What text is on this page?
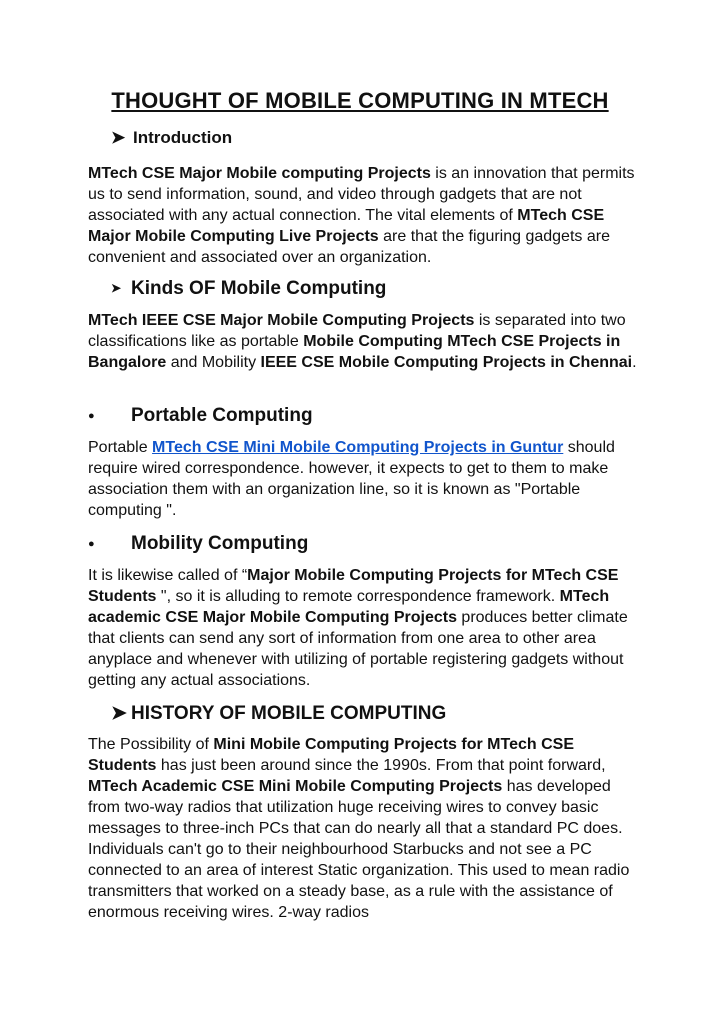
THOUGHT OF MOBILE COMPUTING IN MTECH
➤ Introduction

MTech CSE Major Mobile computing Projects is an innovation that permits us to send information, sound, and video through gadgets that are not associated with any actual connection. The vital elements of MTech CSE Major Mobile Computing Live Projects are that the figuring gadgets are convenient and associated over an organization.

➤ Kinds OF Mobile Computing

MTech IEEE CSE Major Mobile Computing Projects is separated into two classifications like as portable Mobile Computing MTech CSE Projects in Bangalore and Mobility IEEE CSE Mobile Computing Projects in Chennai.

● Portable Computing

Portable MTech CSE Mini Mobile Computing Projects in Guntur should require wired correspondence. however, it expects to get to them to make association them with an organization line, so it is known as "Portable computing ".

● Mobility Computing

It is likewise called of “Major Mobile Computing Projects for MTech CSE Students ", so it is alluding to remote correspondence framework. MTech academic CSE Major Mobile Computing Projects produces better climate that clients can send any sort of information from one area to other area anyplace and whenever with utilizing of portable registering gadgets without getting any actual associations.

➤ HISTORY OF MOBILE COMPUTING

The Possibility of Mini Mobile Computing Projects for MTech CSE Students has just been around since the 1990s. From that point forward, MTech Academic CSE Mini Mobile Computing Projects has developed from two-way radios that utilization huge receiving wires to convey basic messages to three-inch PCs that can do nearly all that a standard PC does. Individuals can't go to their neighbourhood Starbucks and not see a PC connected to an area of interest Static organization. This used to mean radio transmitters that worked on a steady base, as a rule with the assistance of enormous receiving wires. 2-way radios
